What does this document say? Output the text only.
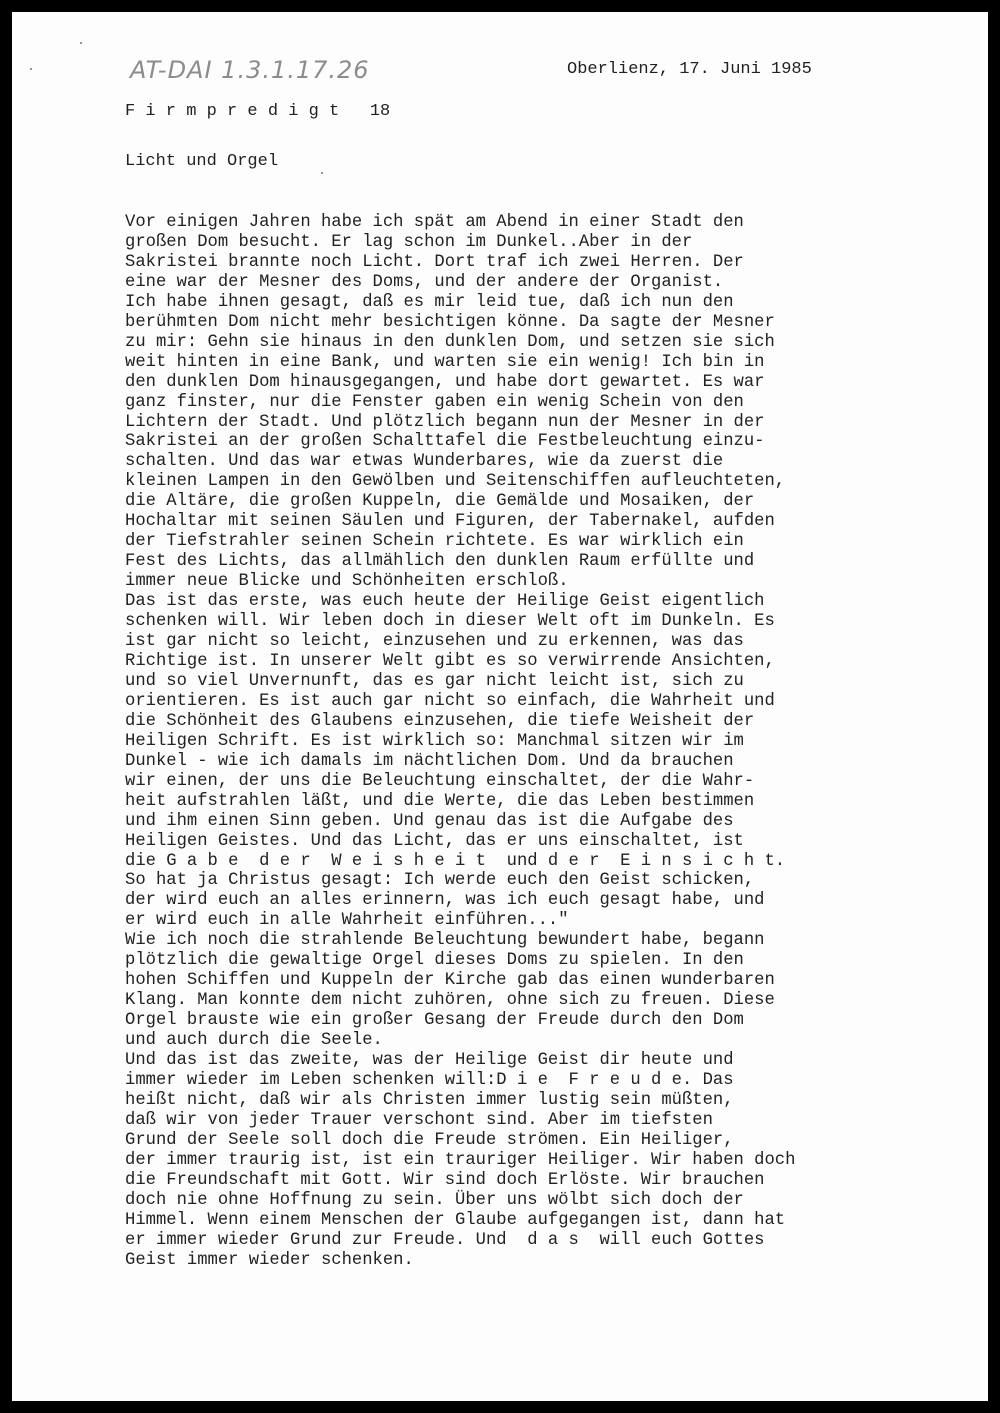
AT-DAI 1.3.1.17.26	Oberlienz, 17. Juni 1985
F i r m p r e d i g t   18
Licht und Orgel
Vor einigen Jahren habe ich spät am Abend in einer Stadt den
großen Dom besucht. Er lag schon im Dunkel..Aber in der
Sakristei brannte noch Licht. Dort traf ich zwei Herren. Der
eine war der Mesner des Doms, und der andere der Organist.
Ich habe ihnen gesagt, daß es mir leid tue, daß ich nun den
berühmten Dom nicht mehr besichtigen könne. Da sagte der Mesner
zu mir: Gehn sie hinaus in den dunklen Dom, und setzen sie sich
weit hinten in eine Bank, und warten sie ein wenig! Ich bin in
den dunklen Dom hinausgegangen, und habe dort gewartet. Es war
ganz finster, nur die Fenster gaben ein wenig Schein von den
Lichtern der Stadt. Und plötzlich begann nun der Mesner in der
Sakristei an der großen Schalttafel die Festbeleuchtung einzu-
schalten. Und das war etwas Wunderbares, wie da zuerst die
kleinen Lampen in den Gewölben und Seitenschiffen aufleuchteten,
die Altäre, die großen Kuppeln, die Gemälde und Mosaiken, der
Hochaltar mit seinen Säulen und Figuren, der Tabernakel, aufden
der Tiefstrahler seinen Schein richtete. Es war wirklich ein
Fest des Lichts, das allmählich den dunklen Raum erfüllte und
immer neue Blicke und Schönheiten erschloß.
Das ist das erste, was euch heute der Heilige Geist eigentlich
schenken will. Wir leben doch in dieser Welt oft im Dunkeln. Es
ist gar nicht so leicht, einzusehen und zu erkennen, was das
Richtige ist. In unserer Welt gibt es so verwirrende Ansichten,
und so viel Unvernunft, das es gar nicht leicht ist, sich zu
orientieren. Es ist auch gar nicht so einfach, die Wahrheit und
die Schönheit des Glaubens einzusehen, die tiefe Weisheit der
Heiligen Schrift. Es ist wirklich so: Manchmal sitzen wir im
Dunkel - wie ich damals im nächtlichen Dom. Und da brauchen
wir einen, der uns die Beleuchtung einschaltet, der die Wahr-
heit aufstrahlen läßt, und die Werte, die das Leben bestimmen
und ihm einen Sinn geben. Und genau das ist die Aufgabe des
Heiligen Geistes. Und das Licht, das er uns einschaltet, ist
die G a b e  d e r  W e i s h e i t  und d e r  E i n s i c h t.
So hat ja Christus gesagt: Ich werde euch den Geist schicken,
der wird euch an alles erinnern, was ich euch gesagt habe, und
er wird euch in alle Wahrheit einführen..."
Wie ich noch die strahlende Beleuchtung bewundert habe, begann
plötzlich die gewaltige Orgel dieses Doms zu spielen. In den
hohen Schiffen und Kuppeln der Kirche gab das einen wunderbaren
Klang. Man konnte dem nicht zuhören, ohne sich zu freuen. Diese
Orgel brauste wie ein großer Gesang der Freude durch den Dom
und auch durch die Seele.
Und das ist das zweite, was der Heilige Geist dir heute und
immer wieder im Leben schenken will:D i e  F r e u d e. Das
heißt nicht, daß wir als Christen immer lustig sein müßten,
daß wir von jeder Trauer verschont sind. Aber im tiefsten
Grund der Seele soll doch die Freude strömen. Ein Heiliger,
der immer traurig ist, ist ein trauriger Heiliger. Wir haben doch
die Freundschaft mit Gott. Wir sind doch Erlöste. Wir brauchen
doch nie ohne Hoffnung zu sein. Über uns wölbt sich doch der
Himmel. Wenn einem Menschen der Glaube aufgegangen ist, dann hat
er immer wieder Grund zur Freude. Und  d a s  will euch Gottes
Geist immer wieder schenken.
